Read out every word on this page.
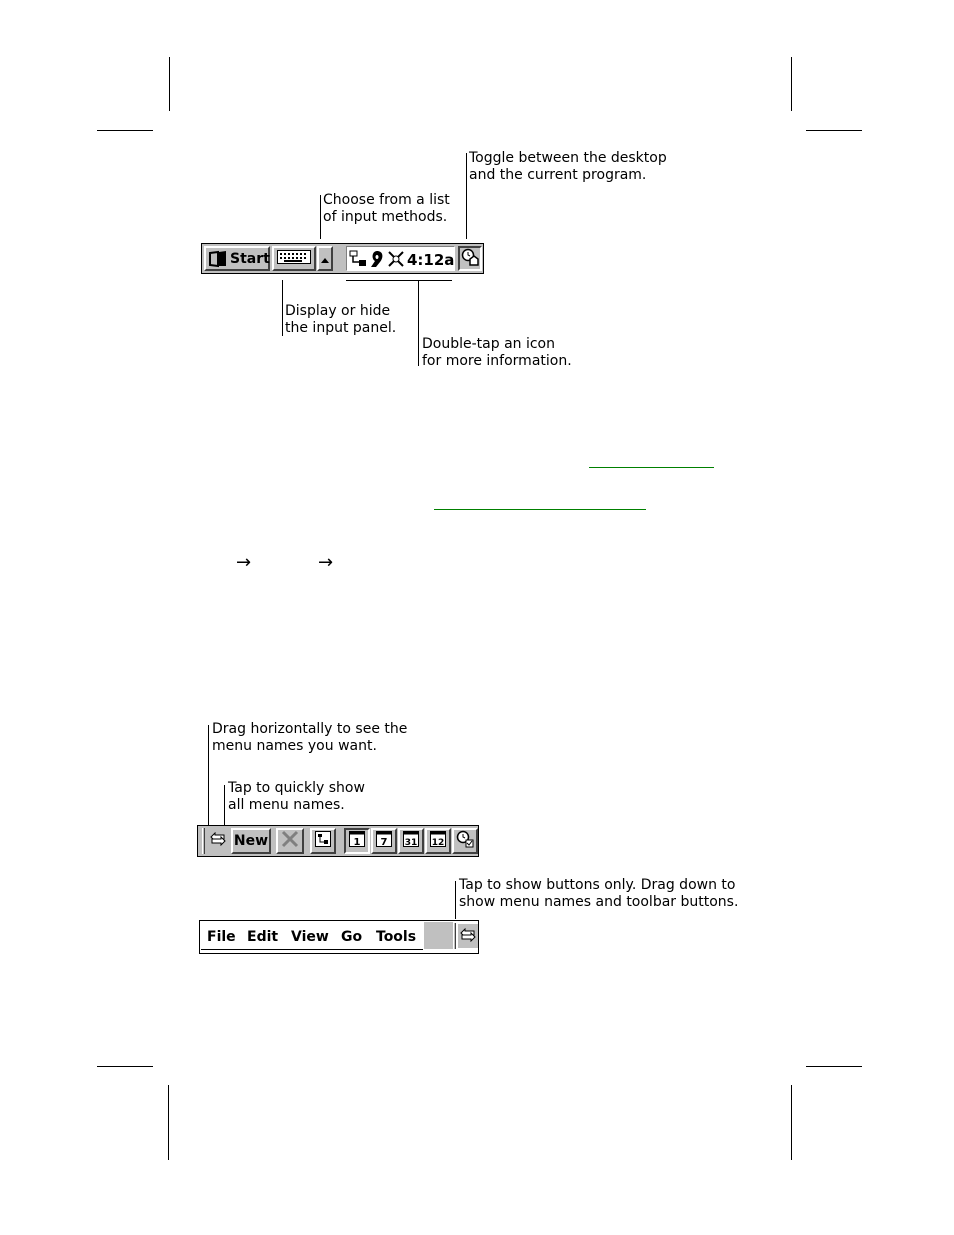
Toggle between the desktop
and the current program.
Choose from a list
of input methods.
Start	4:12a
Double-tap an icon
for more information.
Display or hide
the input panel.
→	→
Drag horizontally to see the
menu names you want.
Tap to quickly show
all menu names.
New	1 7 31 12
Tap to show buttons only. Drag down to
show menu names and toolbar buttons.
File Edit View Go Tools
